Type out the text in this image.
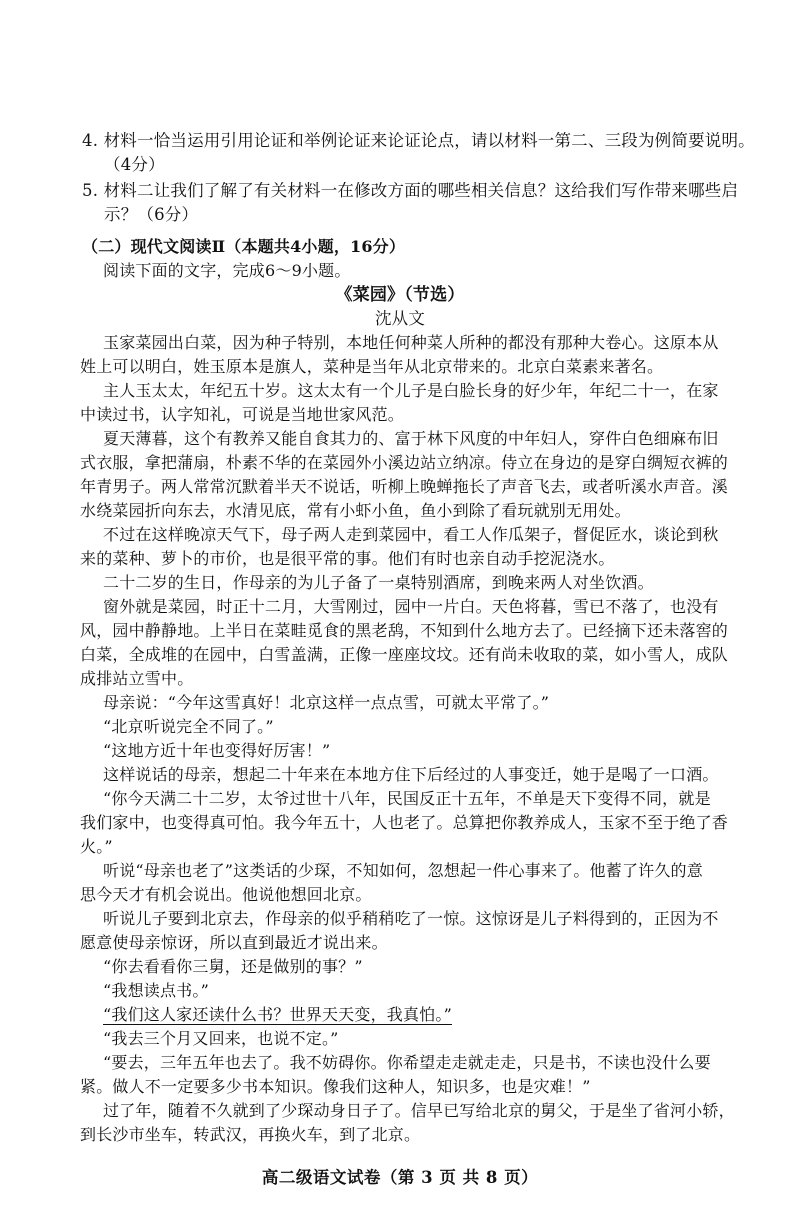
4. 材料一恰当运用引用论证和举例论证来论证论点，请以材料一第二、三段为例简要说明。
（4分）
5. 材料二让我们了解了有关材料一在修改方面的哪些相关信息？这给我们写作带来哪些启
示？（6分）
（二）现代文阅读Ⅱ（本题共4小题，16分）
阅读下面的文字，完成6～9小题。
《菜园》（节选）
沈从文
玉家菜园出白菜，因为种子特别，本地任何种菜人所种的都没有那种大卷心。这原本从
姓上可以明白，姓玉原本是旗人，菜种是当年从北京带来的。北京白菜素来著名。
主人玉太太，年纪五十岁。这太太有一个儿子是白脸长身的好少年，年纪二十一，在家
中读过书，认字知礼，可说是当地世家风范。
夏天薄暮，这个有教养又能自食其力的、富于林下风度的中年妇人，穿件白色细麻布旧
式衣服，拿把蒲扇，朴素不华的在菜园外小溪边站立纳凉。侍立在身边的是穿白绸短衣裤的
年青男子。两人常常沉默着半天不说话，听柳上晚蝉拖长了声音飞去，或者听溪水声音。溪
水绕菜园折向东去，水清见底，常有小虾小鱼，鱼小到除了看玩就别无用处。
不过在这样晚凉天气下，母子两人走到菜园中，看工人作瓜架子，督促匠水，谈论到秋
来的菜种、萝卜的市价，也是很平常的事。他们有时也亲自动手挖泥浇水。
二十二岁的生日，作母亲的为儿子备了一桌特别酒席，到晚来两人对坐饮酒。
窗外就是菜园，时正十二月，大雪刚过，园中一片白。天色将暮，雪已不落了，也没有
风，园中静静地。上半日在菜畦觅食的黑老鸹，不知到什么地方去了。已经摘下还未落窖的
白菜，全成堆的在园中，白雪盖满，正像一座座坟坟。还有尚未收取的菜，如小雪人，成队
成排站立雪中。
母亲说：“今年这雪真好！北京这样一点点雪，可就太平常了。”
“北京听说完全不同了。”
“这地方近十年也变得好厉害！”
这样说话的母亲，想起二十年来在本地方住下后经过的人事变迁，她于是喝了一口酒。
“你今天满二十二岁，太爷过世十八年，民国反正十五年，不单是天下变得不同，就是
我们家中，也变得真可怕。我今年五十，人也老了。总算把你教养成人，玉家不至于绝了香
火。”
听说“母亲也老了”这类话的少琛，不知如何，忽想起一件心事来了。他蓄了许久的意
思今天才有机会说出。他说他想回北京。
听说儿子要到北京去，作母亲的似乎稍稍吃了一惊。这惊讶是儿子料得到的，正因为不
愿意使母亲惊讶，所以直到最近才说出来。
“你去看看你三舅，还是做别的事？”
“我想读点书。”
“我们这人家还读什么书？世界天天变，我真怕。”
“我去三个月又回来，也说不定。”
“要去，三年五年也去了。我不妨碍你。你希望走走就走走，只是书，不读也没什么要
紧。做人不一定要多少书本知识。像我们这种人，知识多，也是灾难！”
过了年，随着不久就到了少琛动身日子了。信早已写给北京的舅父，于是坐了省河小轿，
到长沙市坐车，转武汉，再换火车，到了北京。
高二级语文试卷（第 3 页 共 8 页）
